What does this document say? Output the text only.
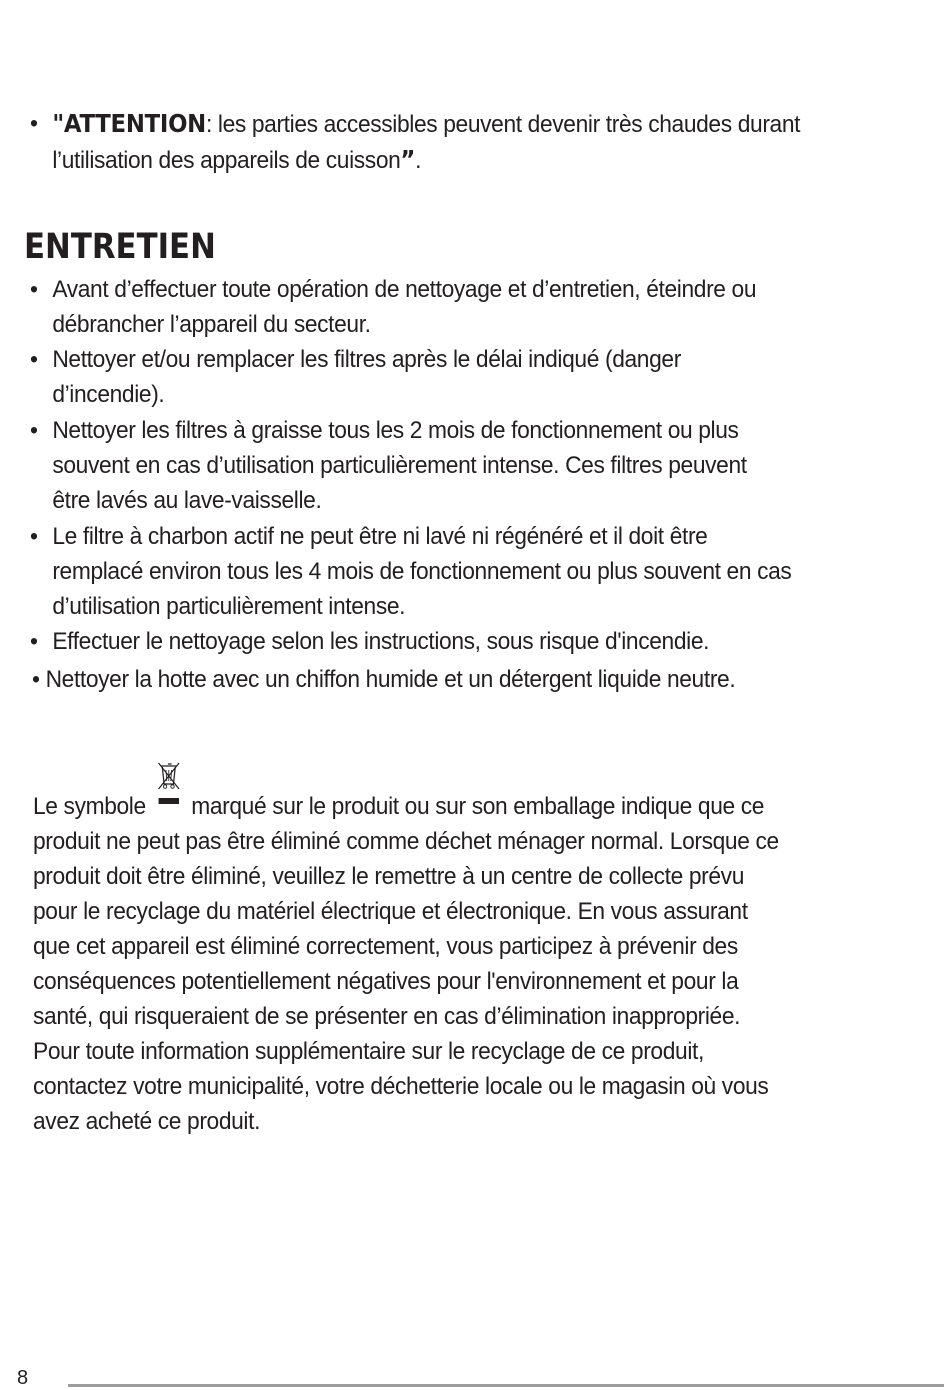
• "ATTENTION: les parties accessibles peuvent devenir très chaudes durant
l’utilisation des appareils de cuisson”.
ENTRETIEN
• Avant d’effectuer toute opération de nettoyage et d’entretien, éteindre ou
débrancher l’appareil du secteur.
• Nettoyer et/ou remplacer les filtres après le délai indiqué (danger
d’incendie).
• Nettoyer les filtres à graisse tous les 2 mois de fonctionnement ou plus
souvent en cas d’utilisation particulièrement intense. Ces filtres peuvent
être lavés au lave-vaisselle.
• Le filtre à charbon actif ne peut être ni lavé ni régénéré et il doit être
remplacé environ tous les 4 mois de fonctionnement ou plus souvent en cas
d’utilisation particulièrement intense.
• Effectuer le nettoyage selon les instructions, sous risque d'incendie.
• Nettoyer la hotte avec un chiffon humide et un détergent liquide neutre.
Le symbole marqué sur le produit ou sur son emballage indique que ce
produit ne peut pas être éliminé comme déchet ménager normal. Lorsque ce
produit doit être éliminé, veuillez le remettre à un centre de collecte prévu
pour le recyclage du matériel électrique et électronique. En vous assurant
que cet appareil est éliminé correctement, vous participez à prévenir des
conséquences potentiellement négatives pour l'environnement et pour la
santé, qui risqueraient de se présenter en cas d’élimination inappropriée.
Pour toute information supplémentaire sur le recyclage de ce produit,
contactez votre municipalité, votre déchetterie locale ou le magasin où vous
avez acheté ce produit.
8
